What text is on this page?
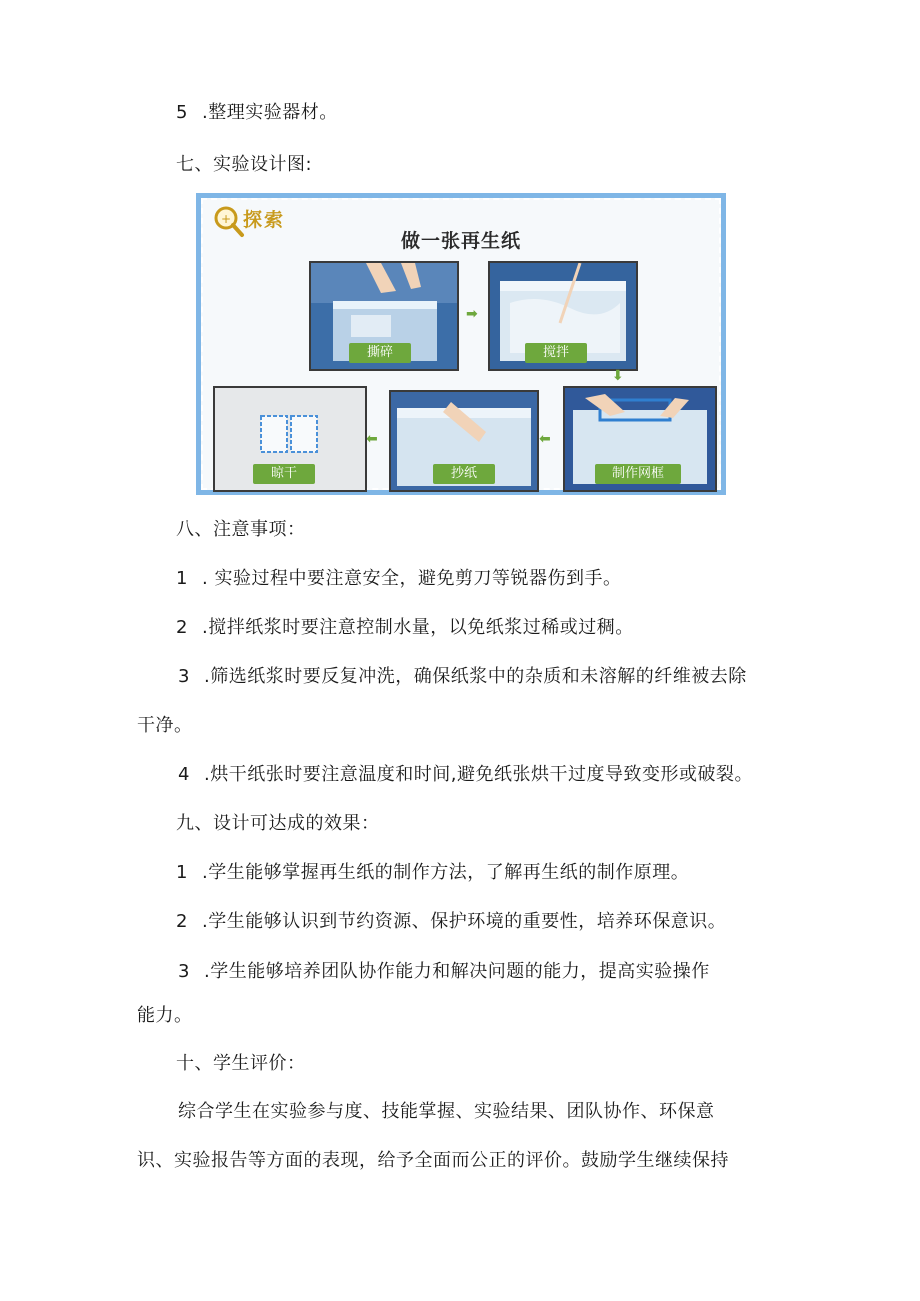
5 .整理实验器材。
七、实验设计图:
+ 探索
做一张再生纸
撕碎
➡
搅拌
⬇
制作网框
⬅
抄纸
⬅
晾干
八、注意事项：
1 . 实验过程中要注意安全，避免剪刀等锐器伤到手。
2 .搅拌纸浆时要注意控制水量，以免纸浆过稀或过稠。
3 .筛选纸浆时要反复冲洗，确保纸浆中的杂质和未溶解的纤维被去除
干净。
4 .烘干纸张时要注意温度和时间,避免纸张烘干过度导致变形或破裂。
九、设计可达成的效果：
1 .学生能够掌握再生纸的制作方法，了解再生纸的制作原理。
2 .学生能够认识到节约资源、保护环境的重要性，培养环保意识。
3 .学生能够培养团队协作能力和解决问题的能力，提高实验操作
能力。
十、学生评价：
综合学生在实验参与度、技能掌握、实验结果、团队协作、环保意
识、实验报告等方面的表现，给予全面而公正的评价。鼓励学生继续保持
